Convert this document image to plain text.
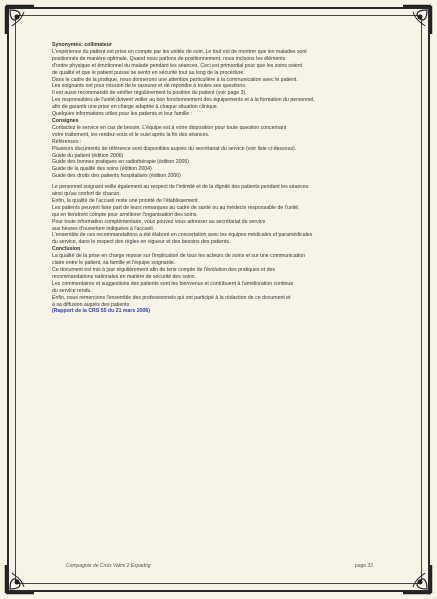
Synonymes: collimateur

L'expérience du patient est prise en compte par les unités de soin. Le tout est de montrer que les malades sont

positionnés de manière optimale. Quand nous parlons de positionnement, nous incluons les éléments

d'ordre physique et émotionnel du malade pendant les séances. Ceci est primordial pour que les soins soient

de qualité et que le patient puisse se sentir en sécurité tout au long de la procédure.

Dans le cadre de la pratique, nous donnerons une attention particulière à la communication avec le patient.

Les soignants ont pour mission de le rassurer et de répondre à toutes ses questions.

Il est aussi recommandé de vérifier régulièrement la position du patient (voir page 3).

Les responsables de l'unité doivent veiller au bon fonctionnement des équipements et à la formation du personnel,

afin de garantir une prise en charge adaptée à chaque situation clinique.

Quelques informations utiles pour les patients et leur famille :

Consignes

Contactez le service en cas de besoin. L'équipe est à votre disposition pour toute question concernant

votre traitement, les rendez-vous et le suivi après la fin des séances.

Références :

Plusieurs documents de référence sont disponibles auprès du secrétariat du service (voir liste ci-dessous).

Guide du patient (édition 2006)

Guide des bonnes pratiques en radiothérapie (édition 2005)

Guide de la qualité des soins (édition 2004)

Guide des droits des patients hospitalisés (édition 2006)

Le personnel soignant veille également au respect de l'intimité et de la dignité des patients pendant les séances

ainsi qu'au confort de chacun.

Enfin, la qualité de l'accueil reste une priorité de l'établissement.

Les patients peuvent faire part de leurs remarques au cadre de santé ou au médecin responsable de l'unité,

qui en tiendront compte pour améliorer l'organisation des soins.

Pour toute information complémentaire, vous pouvez vous adresser au secrétariat du service

aux heures d'ouverture indiquées à l'accueil.

L'ensemble de ces recommandations a été élaboré en concertation avec les équipes médicales et paramédicales

du service, dans le respect des règles en vigueur et des besoins des patients.

Conclusion

La qualité de la prise en charge repose sur l'implication de tous les acteurs de soins et sur une communication

claire entre le patient, sa famille et l'équipe soignante.

Ce document est mis à jour régulièrement afin de tenir compte de l'évolution des pratiques et des

recommandations nationales en matière de sécurité des soins.

Les commentaires et suggestions des patients sont les bienvenus et contribuent à l'amélioration continue

du service rendu.

Enfin, nous remercions l'ensemble des professionnels qui ont participé à la rédaction de ce document et

à sa diffusion auprès des patients.

(Rapport de la CRS 55 du 21 mars 2006)

Compagnie de Croix Valmi 2 Espadrig	page 32
